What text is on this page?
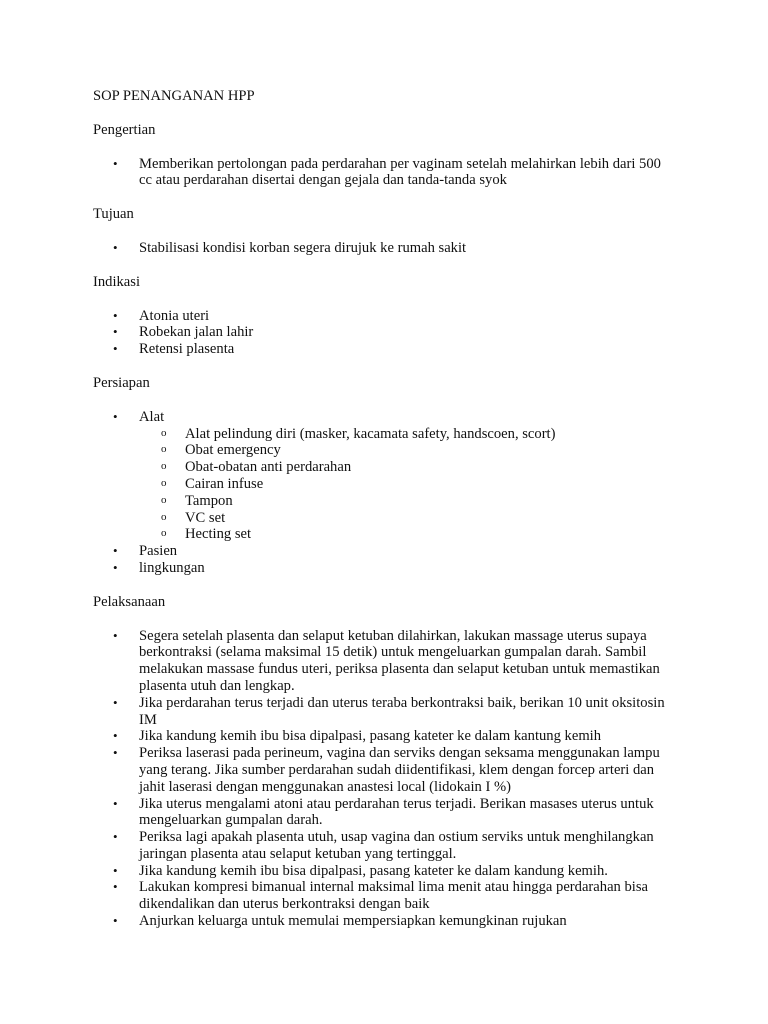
SOP PENANGANAN HPP
Pengertian
• Memberikan pertolongan pada perdarahan per vaginam setelah melahirkan lebih dari 500 cc atau perdarahan disertai dengan gejala dan tanda-tanda syok
Tujuan
• Stabilisasi kondisi korban segera dirujuk ke rumah sakit
Indikasi
• Atonia uteri
• Robekan jalan lahir
• Retensi plasenta
Persiapan
• Alat
o Alat pelindung diri (masker, kacamata safety, handscoen, scort)
o Obat emergency
o Obat-obatan anti perdarahan
o Cairan infuse
o Tampon
o VC set
o Hecting set
• Pasien
• lingkungan
Pelaksanaan
• Segera setelah plasenta dan selaput ketuban dilahirkan, lakukan massage uterus supaya berkontraksi (selama maksimal 15 detik) untuk mengeluarkan gumpalan darah. Sambil melakukan massase fundus uteri, periksa plasenta dan selaput ketuban untuk memastikan plasenta utuh dan lengkap.
• Jika perdarahan terus terjadi dan uterus teraba berkontraksi baik, berikan 10 unit oksitosin IM
• Jika kandung kemih ibu bisa dipalpasi, pasang kateter ke dalam kantung kemih
• Periksa laserasi pada perineum, vagina dan serviks dengan seksama menggunakan lampu yang terang. Jika sumber perdarahan sudah diidentifikasi, klem dengan forcep arteri dan jahit laserasi dengan menggunakan anastesi local (lidokain I %)
• Jika uterus mengalami atoni atau perdarahan terus terjadi. Berikan masases uterus untuk mengeluarkan gumpalan darah.
• Periksa lagi apakah plasenta utuh, usap vagina dan ostium serviks untuk menghilangkan jaringan plasenta atau selaput ketuban yang tertinggal.
• Jika kandung kemih ibu bisa dipalpasi, pasang kateter ke dalam kandung kemih.
• Lakukan kompresi bimanual internal maksimal lima menit atau hingga perdarahan bisa dikendalikan dan uterus berkontraksi dengan baik
• Anjurkan keluarga untuk memulai mempersiapkan kemungkinan rujukan
